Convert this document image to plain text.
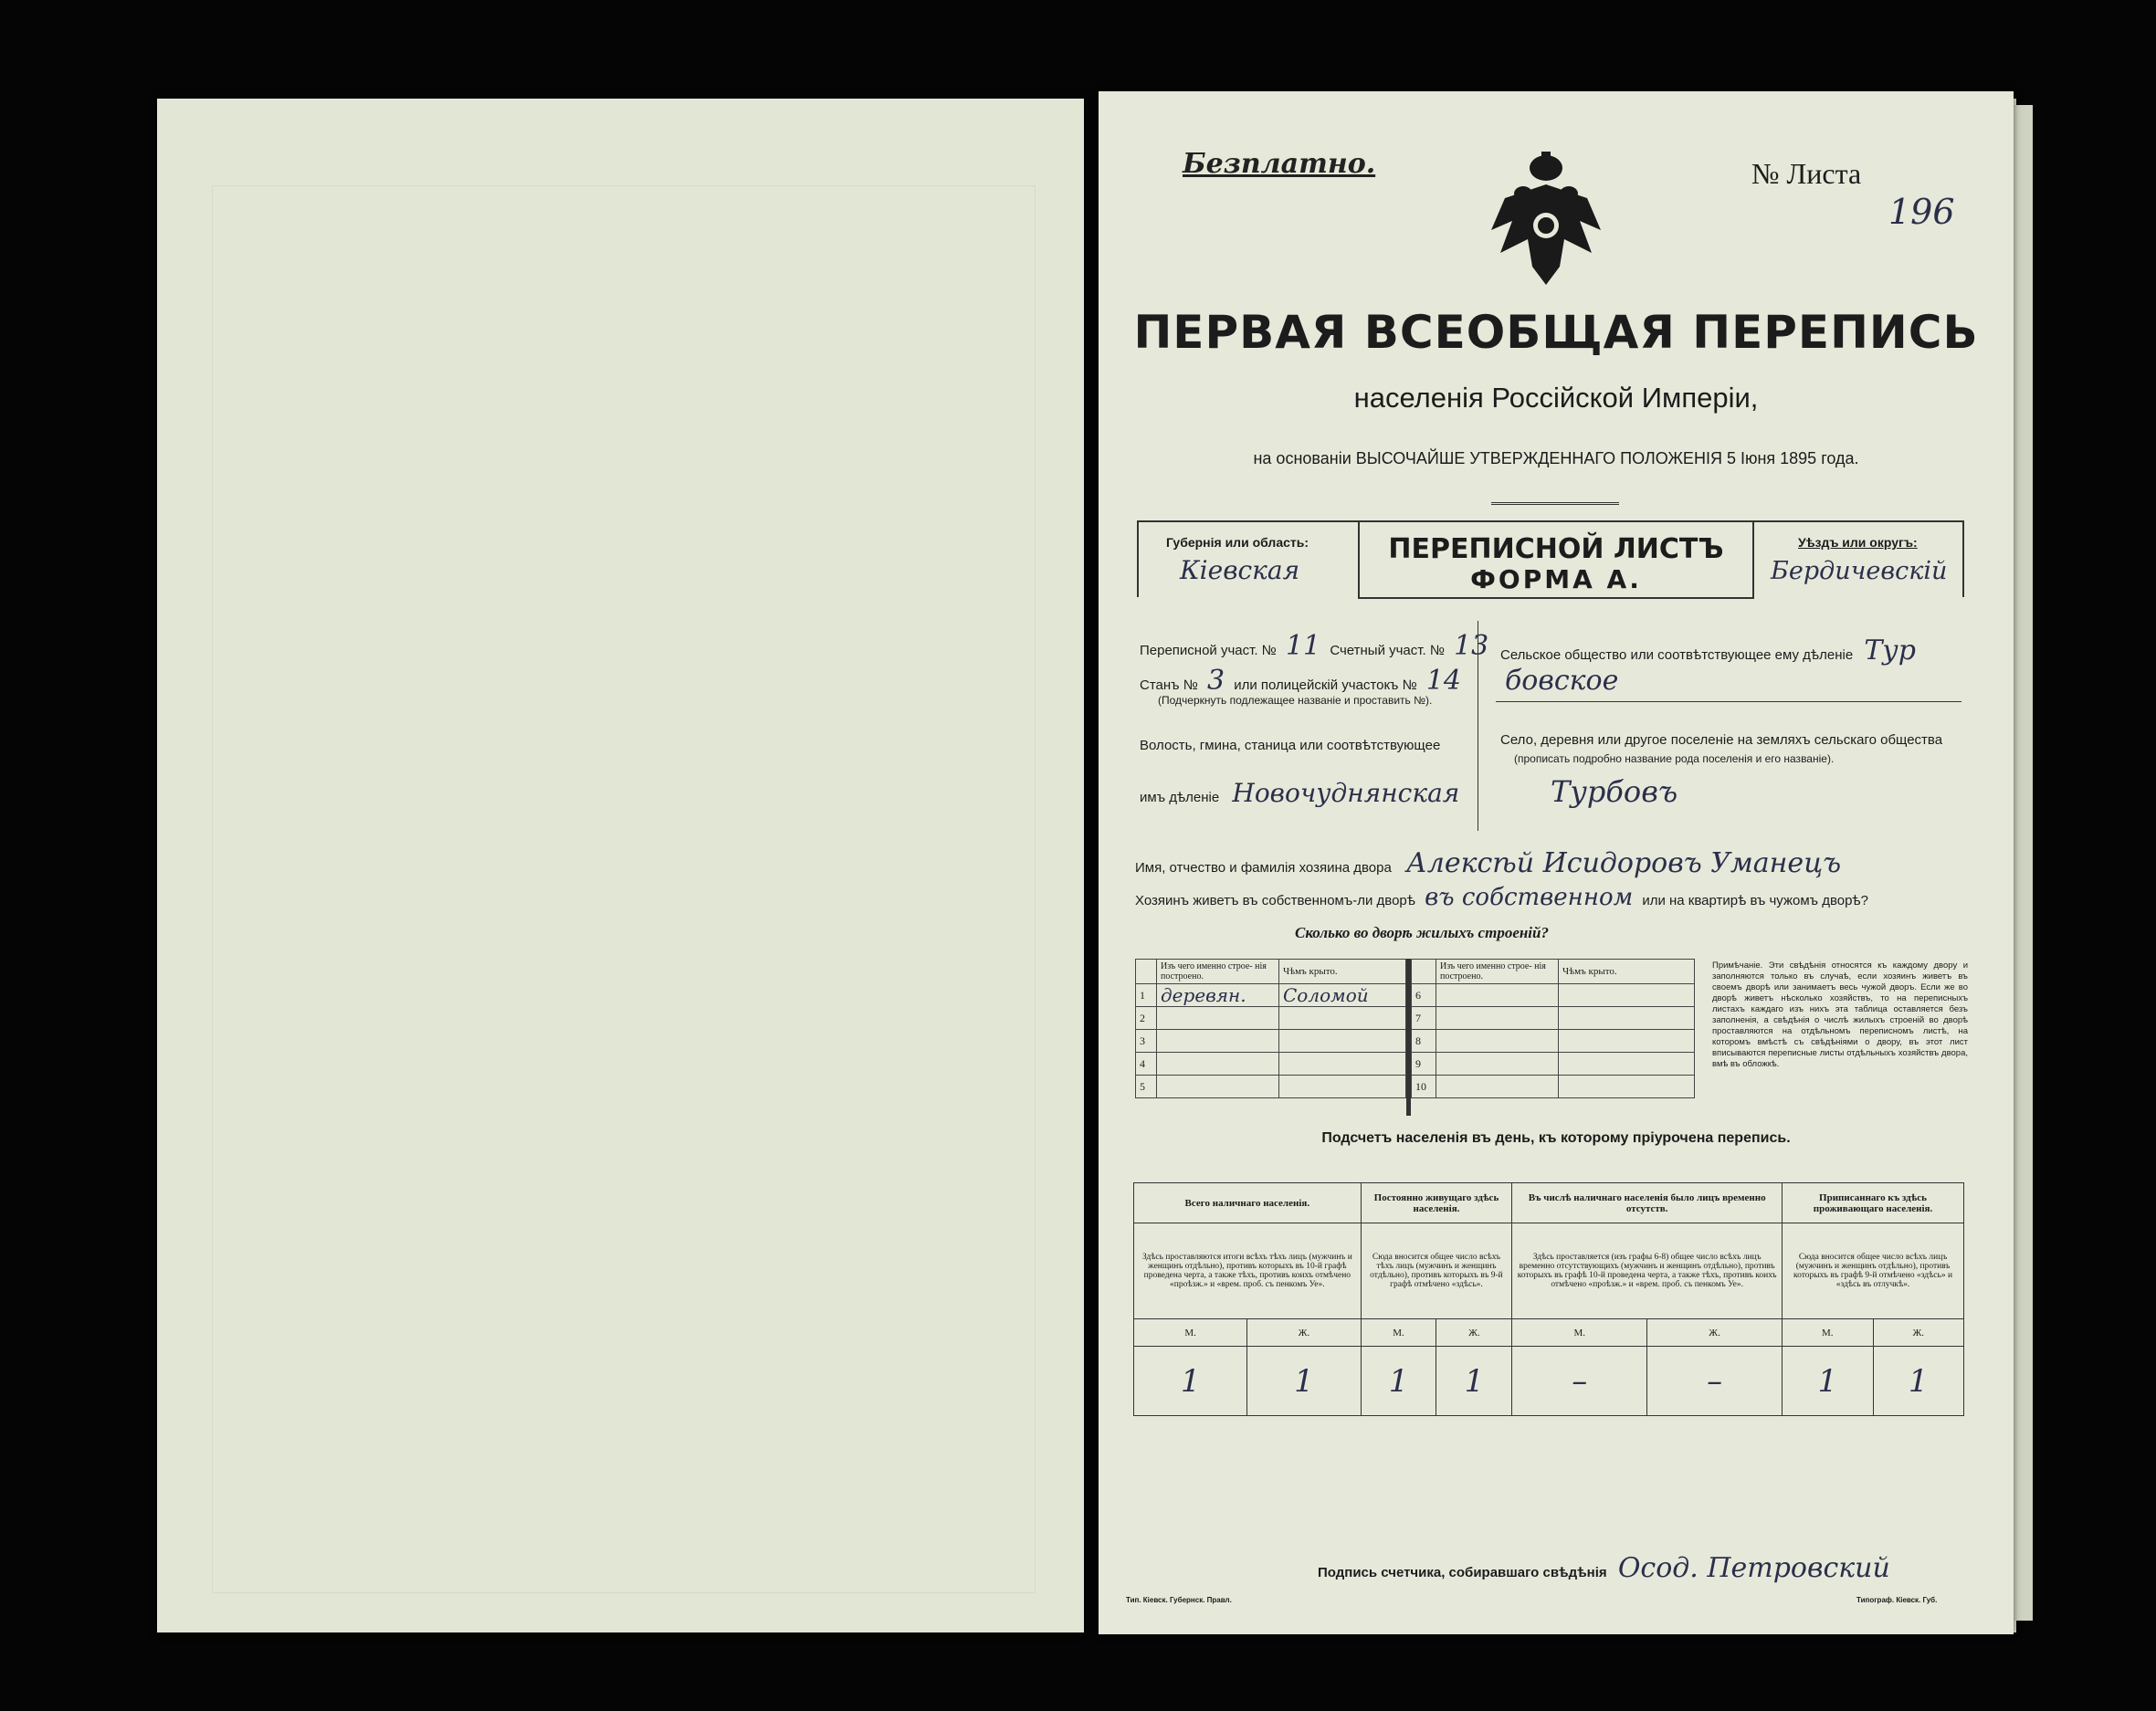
Безплатно.	№ Листа
196
ПЕРВАЯ ВСЕОБЩАЯ ПЕРЕПИСЬ
населенія Россійской Имперіи,
на основаніи ВЫСОЧАЙШЕ УТВЕРЖДЕННАГО ПОЛОЖЕНІЯ 5 Іюня 1895 года.
Губернія или область:
Кіевская
ПЕРЕПИСНОЙ ЛИСТЪ
ФОРМА А.
Уѣздъ или округъ:
Бердичевскій
Переписной участ. № 11 Счетный участ. № 13
Станъ № 3 или полицейскій участокъ № 14
(Подчеркнуть подлежащее названіе и проставить №).
Волость, гмина, станица или соотвѣтствующее
имъ дѣленіе Новочуднянская
Сельское общество или соотвѣтствующее ему дѣленіе Тур
бовское
Село, деревня или другое поселеніе на земляхъ сельскаго общества
(прописать подробно название рода поселенія и его названіе).
Турбовъ
Имя, отчество и фамилія хозяина двора Алексѣй Исидоровъ Уманецъ
Хозяинъ живетъ въ собственномъ-ли дворѣ въ собственном или на квартирѣ въ чужомъ дворѣ?
Сколько во дворѣ жилыхъ строеній?
	Изъ чего именно строе- нія построено.	Чѣмъ крыто.
1	деревян.	Соломой
2		
3		
4		
5		
	Изъ чего именно строе- нія построено.	Чѣмъ крыто.
6		
7		
8		
9		
10		
Примѣчаніе. Эти свѣдѣнія относятся къ каждому двору и заполняются только въ случаѣ, если хозяинъ живетъ въ своемъ дворѣ или занимаетъ весь чужой дворъ. Если же во дворѣ живетъ нѣсколько хозяйствъ, то на переписныхъ листахъ каждаго изъ нихъ эта таблица оставляется безъ заполненія, а свѣдѣнія о числѣ жилыхъ строеній во дворѣ проставляются на отдѣльномъ переписномъ листѣ, на которомъ вмѣстѣ съ свѣдѣніями о двору, въ этот лист вписываются переписные листы отдѣльныхъ хозяйствъ двора, вмѣ въ обложкѣ.
Подсчетъ населенія въ день, къ которому пріурочена перепись.
Всего наличнаго населенія.		Постоянно живущаго здѣсь населенія.		Въ числѣ наличнаго населенія было лицъ временно отсутств.		Приписаннаго къ здѣсь проживающаго населенія.	
Здѣсь проставляются итоги всѣхъ тѣхъ лицъ (мужчинъ и женщинъ отдѣльно), противъ которыхъ въ 10-й графѣ проведена черта, а также тѣхъ, противъ коихъ отмѣчено «проѣзж.» и «врем. проб. съ пенкомъ Уе».		Сюда вносится общее число всѣхъ тѣхъ лицъ (мужчинъ и женщинъ отдѣльно), противъ которыхъ въ 9-й графѣ отмѣчено «здѣсь».		Здѣсь проставляется (изъ графы 6-8) общее число всѣхъ лицъ временно отсутствующихъ (мужчинъ и женщинъ отдѣльно), противъ которыхъ въ графѣ 10-й проведена черта, а также тѣхъ, противъ коихъ отмѣчено «проѣзж.» и «врем. проб. съ пенкомъ Уе».		Сюда вносится общее число всѣхъ лицъ (мужчинъ и женщинъ отдѣльно), противъ которыхъ въ графѣ 9-й отмѣчено «здѣсь» и «здѣсь въ отлучкѣ».	
М.	Ж.	М.	Ж.	М.	Ж.	М.	Ж.
1	1	1	1	–	–	1	1
Подпись счетчика, собиравшаго свѣдѣнія Осод. Петровский
Тип. Кіевск. Губернск. Правл.	Типограф. Кіевск. Губ.
